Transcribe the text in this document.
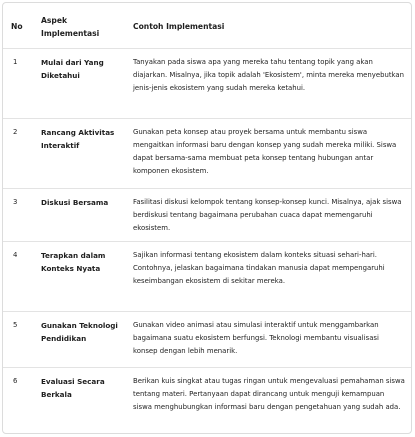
No	Aspek Implementasi	Contoh Implementasi
1	Mulai dari Yang Diketahui	Tanyakan pada siswa apa yang mereka tahu tentang topik yang akan diajarkan. Misalnya, jika topik adalah 'Ekosistem', minta mereka menyebutkan jenis-jenis ekosistem yang sudah mereka ketahui.
2	Rancang Aktivitas Interaktif	Gunakan peta konsep atau proyek bersama untuk membantu siswa mengaitkan informasi baru dengan konsep yang sudah mereka miliki. Siswa dapat bersama-sama membuat peta konsep tentang hubungan antar komponen ekosistem.
3	Diskusi Bersama	Fasilitasi diskusi kelompok tentang konsep-konsep kunci. Misalnya, ajak siswa berdiskusi tentang bagaimana perubahan cuaca dapat memengaruhi ekosistem.
4	Terapkan dalam Konteks Nyata	Sajikan informasi tentang ekosistem dalam konteks situasi sehari-hari. Contohnya, jelaskan bagaimana tindakan manusia dapat mempengaruhi keseimbangan ekosistem di sekitar mereka.
5	Gunakan Teknologi Pendidikan	Gunakan video animasi atau simulasi interaktif untuk menggambarkan bagaimana suatu ekosistem berfungsi. Teknologi membantu visualisasi konsep dengan lebih menarik.
6	Evaluasi Secara Berkala	Berikan kuis singkat atau tugas ringan untuk mengevaluasi pemahaman siswa tentang materi. Pertanyaan dapat dirancang untuk menguji kemampuan siswa menghubungkan informasi baru dengan pengetahuan yang sudah ada.
